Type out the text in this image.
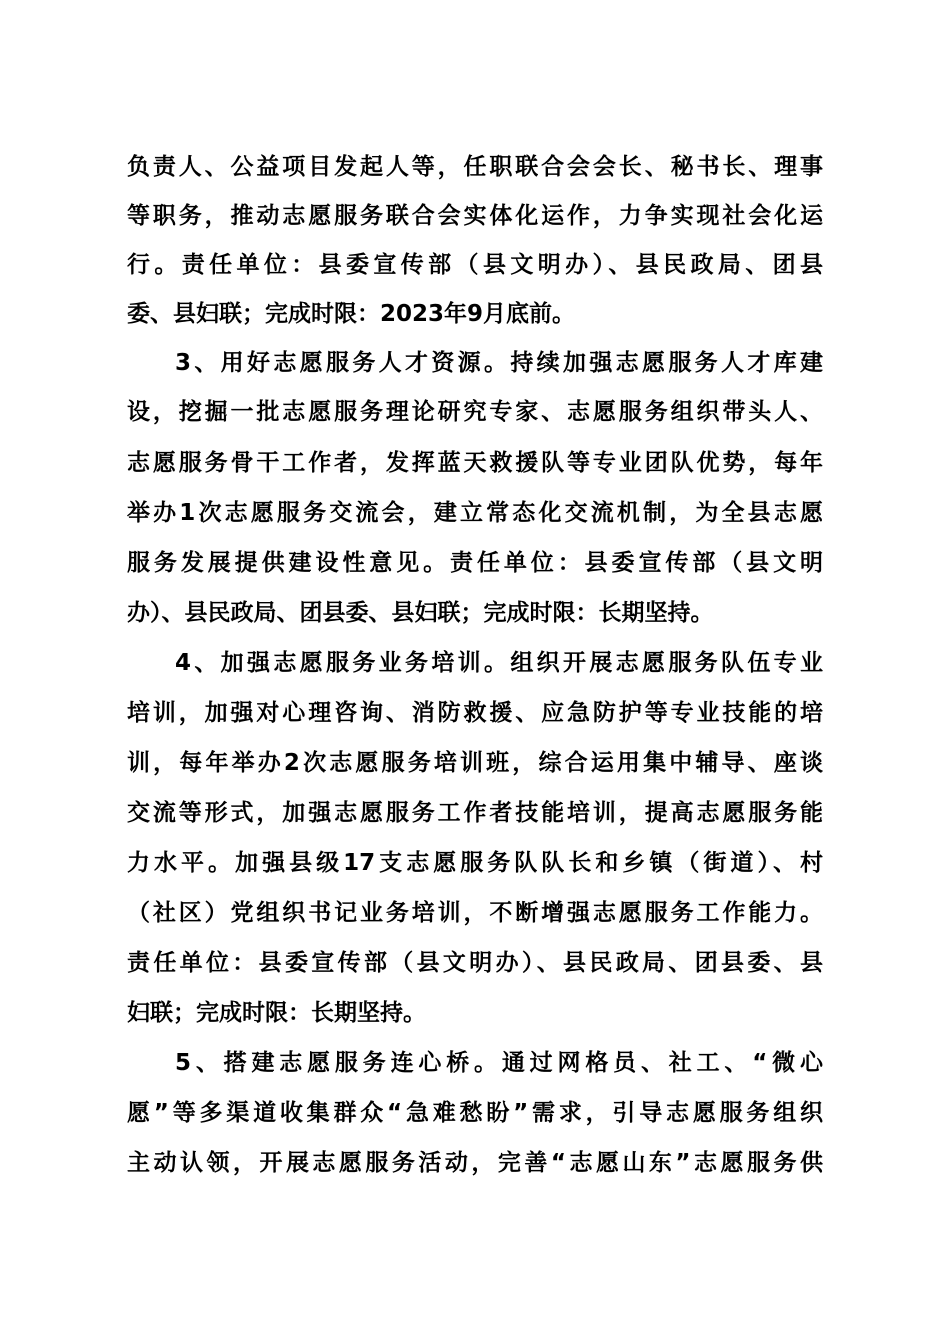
负责人、公益项目发起人等，任职联合会会长、秘书长、理事
等职务，推动志愿服务联合会实体化运作，力争实现社会化运
行。责任单位：县委宣传部（县文明办）、县民政局、团县
委、县妇联；完成时限：2023年9月底前。
3、用好志愿服务人才资源。持续加强志愿服务人才库建
设，挖掘一批志愿服务理论研究专家、志愿服务组织带头人、
志愿服务骨干工作者，发挥蓝天救援队等专业团队优势，每年
举办1次志愿服务交流会，建立常态化交流机制，为全县志愿
服务发展提供建设性意见。责任单位：县委宣传部（县文明
办）、县民政局、团县委、县妇联；完成时限：长期坚持。
4、加强志愿服务业务培训。组织开展志愿服务队伍专业
培训，加强对心理咨询、消防救援、应急防护等专业技能的培
训，每年举办2次志愿服务培训班，综合运用集中辅导、座谈
交流等形式，加强志愿服务工作者技能培训，提高志愿服务能
力水平。加强县级17支志愿服务队队长和乡镇（街道）、村
（社区）党组织书记业务培训，不断增强志愿服务工作能力。
责任单位：县委宣传部（县文明办）、县民政局、团县委、县
妇联；完成时限：长期坚持。
5、搭建志愿服务连心桥。通过网格员、社工、“微心
愿”等多渠道收集群众“急难愁盼”需求，引导志愿服务组织
主动认领，开展志愿服务活动，完善“志愿山东”志愿服务供
